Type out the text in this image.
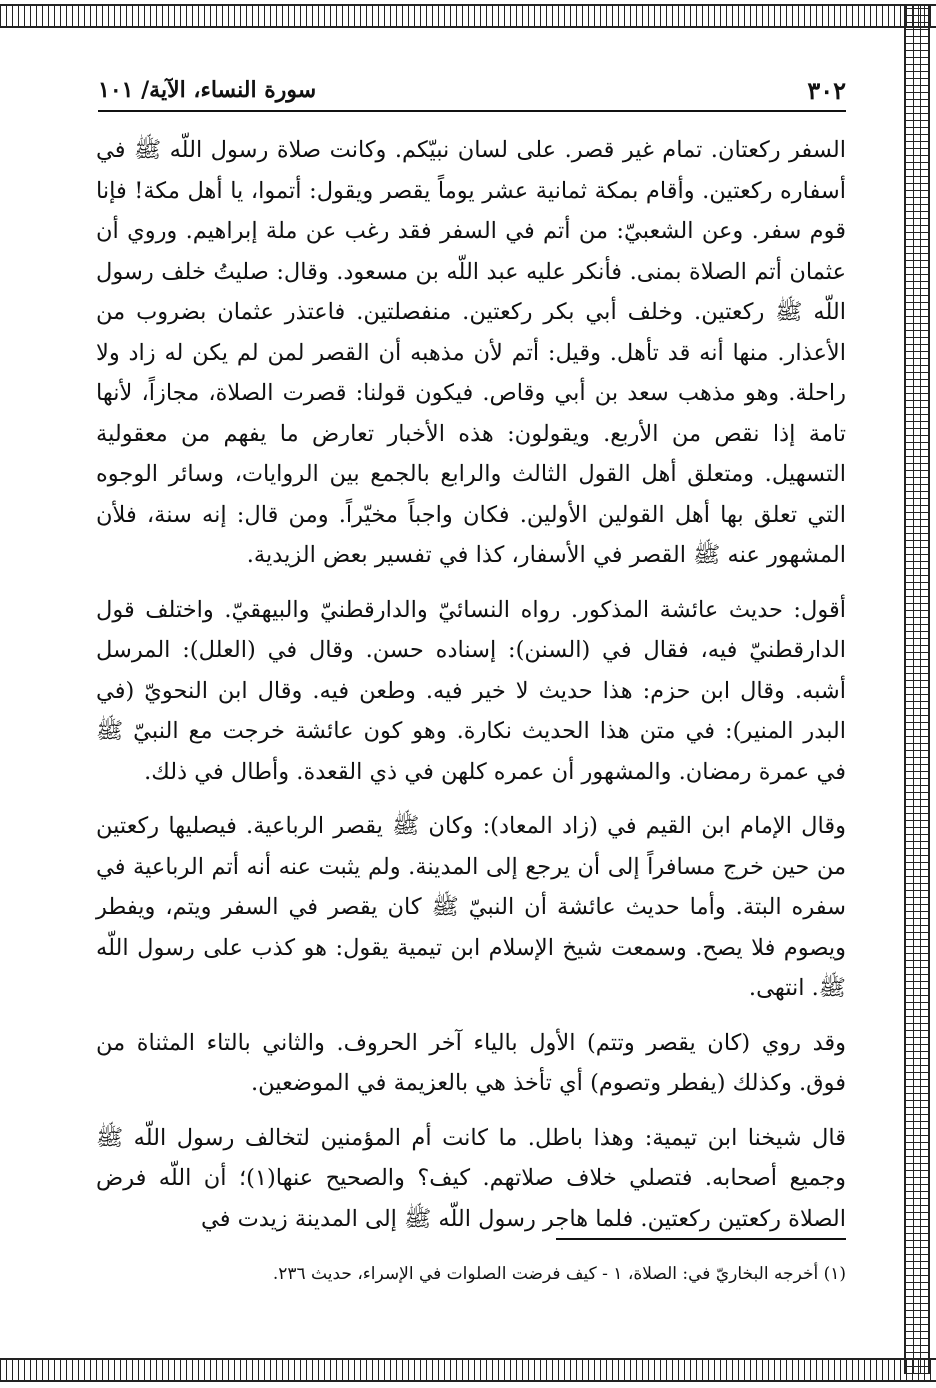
٣٠٢
سورة النساء، الآية/ ١٠١

السفر ركعتان. تمام غير قصر. على لسان نبيّكم. وكانت صلاة رسول اللّه ﷺ في أسفاره ركعتين. وأقام بمكة ثمانية عشر يوماً يقصر ويقول: أتموا، يا أهل مكة! فإنا قوم سفر. وعن الشعبيّ: من أتم في السفر فقد رغب عن ملة إبراهيم. وروي أن عثمان أتم الصلاة بمنى. فأنكر عليه عبد اللّه بن مسعود. وقال: صليتُ خلف رسول اللّه ﷺ ركعتين. وخلف أبي بكر ركعتين. منفصلتين. فاعتذر عثمان بضروب من الأعذار. منها أنه قد تأهل. وقيل: أتم لأن مذهبه أن القصر لمن لم يكن له زاد ولا راحلة. وهو مذهب سعد بن أبي وقاص. فيكون قولنا: قصرت الصلاة، مجازاً، لأنها تامة إذا نقص من الأربع. ويقولون: هذه الأخبار تعارض ما يفهم من معقولية التسهيل. ومتعلق أهل القول الثالث والرابع بالجمع بين الروايات، وسائر الوجوه التي تعلق بها أهل القولين الأولين. فكان واجباً مخيّراً. ومن قال: إنه سنة، فلأن المشهور عنه ﷺ القصر في الأسفار، كذا في تفسير بعض الزيدية.

أقول: حديث عائشة المذكور. رواه النسائيّ والدارقطنيّ والبيهقيّ. واختلف قول الدارقطنيّ فيه، فقال في (السنن): إسناده حسن. وقال في (العلل): المرسل أشبه. وقال ابن حزم: هذا حديث لا خير فيه. وطعن فيه. وقال ابن النحويّ (في البدر المنير): في متن هذا الحديث نكارة. وهو كون عائشة خرجت مع النبيّ ﷺ في عمرة رمضان. والمشهور أن عمره كلهن في ذي القعدة. وأطال في ذلك.

وقال الإمام ابن القيم في (زاد المعاد): وكان ﷺ يقصر الرباعية. فيصليها ركعتين من حين خرج مسافراً إلى أن يرجع إلى المدينة. ولم يثبت عنه أنه أتم الرباعية في سفره البتة. وأما حديث عائشة أن النبيّ ﷺ كان يقصر في السفر ويتم، ويفطر ويصوم فلا يصح. وسمعت شيخ الإسلام ابن تيمية يقول: هو كذب على رسول اللّه ﷺ. انتهى.

وقد روي (كان يقصر وتتم) الأول بالياء آخر الحروف. والثاني بالتاء المثناة من فوق. وكذلك (يفطر وتصوم) أي تأخذ هي بالعزيمة في الموضعين.

قال شيخنا ابن تيمية: وهذا باطل. ما كانت أم المؤمنين لتخالف رسول اللّه ﷺ وجميع أصحابه. فتصلي خلاف صلاتهم. كيف؟ والصحيح عنها(١)؛ أن اللّه فرض الصلاة ركعتين ركعتين. فلما هاجر رسول اللّه ﷺ إلى المدينة زيدت في

(١) أخرجه البخاريّ في: الصلاة، ١ - كيف فرضت الصلوات في الإسراء، حديث ٢٣٦.
